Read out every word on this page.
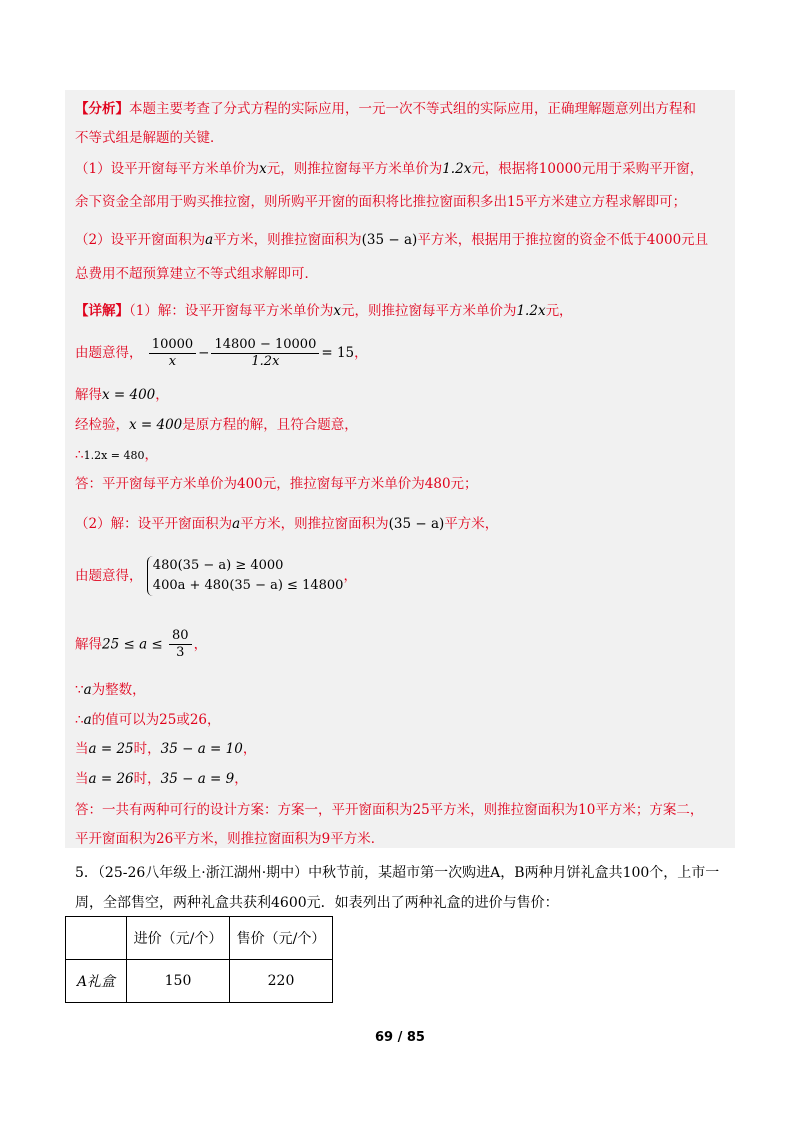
【分析】本题主要考查了分式方程的实际应用，一元一次不等式组的实际应用，正确理解题意列出方程和
不等式组是解题的关键．
（1）设平开窗每平方米单价为x元，则推拉窗每平方米单价为1.2x元，根据将10000元用于采购平开窗，
余下资金全部用于购买推拉窗，则所购平开窗的面积将比推拉窗面积多出15平方米建立方程求解即可；
（2）设平开窗面积为a平方米，则推拉窗面积为(35 − a)平方米，根据用于推拉窗的资金不低于4000元且
总费用不超预算建立不等式组求解即可．
【详解】（1）解：设平开窗每平方米单价为x元，则推拉窗每平方米单价为1.2x元，
由题意得， $\frac{10000}{x} - \frac{14800 - 10000}{1.2x} = 15$，
解得x = 400，
经检验，x = 400是原方程的解，且符合题意，
∴1.2x = 480，
答：平开窗每平方米单价为400元，推拉窗每平方米单价为480元；
（2）解：设平开窗面积为a平方米，则推拉窗面积为(35 − a)平方米，
由题意得，
480(35 − a) ≥ 4000
400a + 480(35 − a) ≤ 14800
，
解得$25 \le a \le \frac{80}{3}$ ，
∵a为整数，
∴a的值可以为25或26，
当a = 25时，35 − a = 10，
当a = 26时，35 − a = 9，
答：一共有两种可行的设计方案：方案一，平开窗面积为25平方米，则推拉窗面积为10平方米；方案二，
平开窗面积为26平方米，则推拉窗面积为9平方米．
5．（25-26八年级上·浙江湖州·期中）中秋节前，某超市第一次购进A，B两种月饼礼盒共100个，上市一
周，全部售空，两种礼盒共获利4600元．如表列出了两种礼盒的进价与售价：
	进价（元/个）	售价（元/个）
A礼盒	150	220
69 / 85
